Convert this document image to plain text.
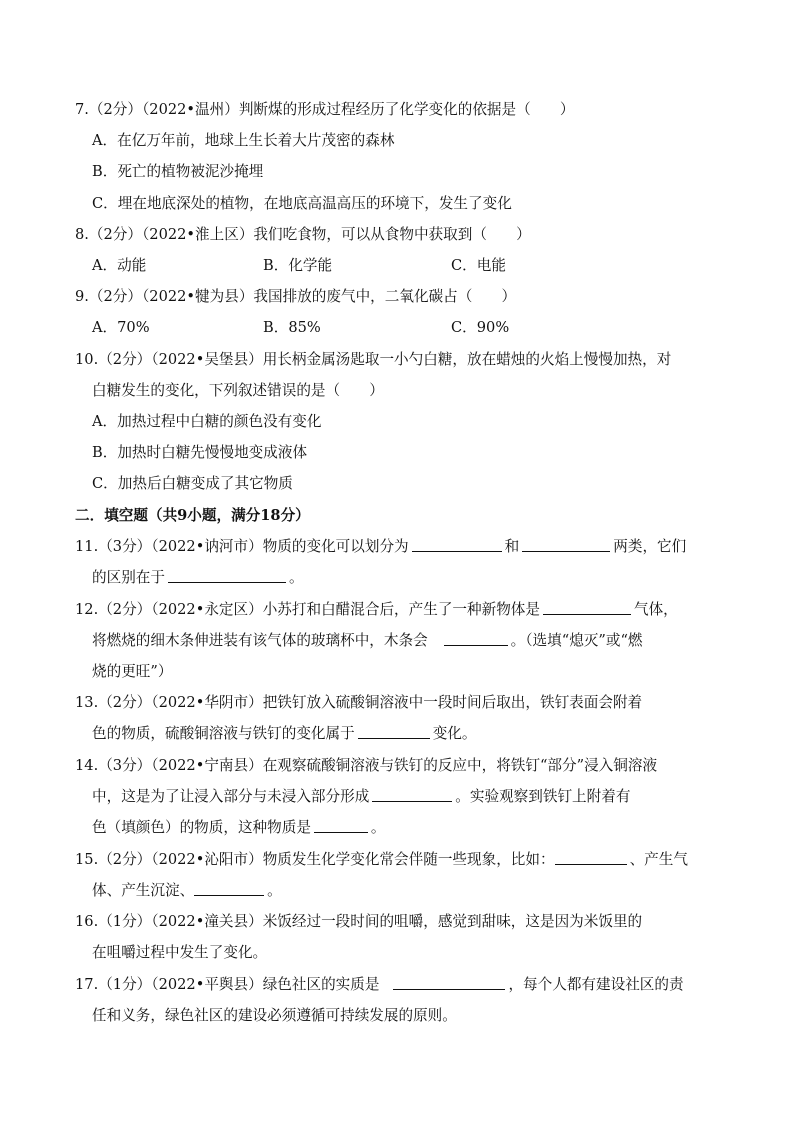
7.（2分）（2022•温州）判断煤的形成过程经历了化学变化的依据是（　　）
A．在亿万年前，地球上生长着大片茂密的森林
B．死亡的植物被泥沙掩埋
C．埋在地底深处的植物，在地底高温高压的环境下，发生了变化
8.（2分）（2022•淮上区）我们吃食物，可以从食物中获取到（　　）
A．动能	B．化学能	C．电能
9.（2分）（2022•犍为县）我国排放的废气中，二氧化碳占（　　）
A．70%	B．85%	C．90%
10.（2分）（2022•吴堡县）用长柄金属汤匙取一小勺白糖，放在蜡烛的火焰上慢慢加热，对
白糖发生的变化，下列叙述错误的是（　　）
A．加热过程中白糖的颜色没有变化
B．加热时白糖先慢慢地变成液体
C．加热后白糖变成了其它物质
二．填空题（共9小题，满分18分）
11.（3分）（2022•讷河市）物质的变化可以划分为	和	两类，它们
的区别在于	。
12.（2分）（2022•永定区）小苏打和白醋混合后，产生了一种新物体是	气体，
将燃烧的细木条伸进装有该气体的玻璃杯中，木条会	。（选填“熄灭”或“燃
烧的更旺”）
13.（2分）（2022•华阴市）把铁钉放入硫酸铜溶液中一段时间后取出，铁钉表面会附着
色的物质，硫酸铜溶液与铁钉的变化属于	变化。
14.（3分）（2022•宁南县）在观察硫酸铜溶液与铁钉的反应中，将铁钉“部分”浸入铜溶液
中，这是为了让浸入部分与未浸入部分形成	。实验观察到铁钉上附着有
色（填颜色）的物质，这种物质是	。
15.（2分）（2022•沁阳市）物质发生化学变化常会伴随一些现象，比如：	、产生气
体、产生沉淀、	。
16.（1分）（2022•潼关县）米饭经过一段时间的咀嚼，感觉到甜味，这是因为米饭里的
在咀嚼过程中发生了变化。
17.（1分）（2022•平舆县）绿色社区的实质是	，每个人都有建设社区的责
任和义务，绿色社区的建设必须遵循可持续发展的原则。
